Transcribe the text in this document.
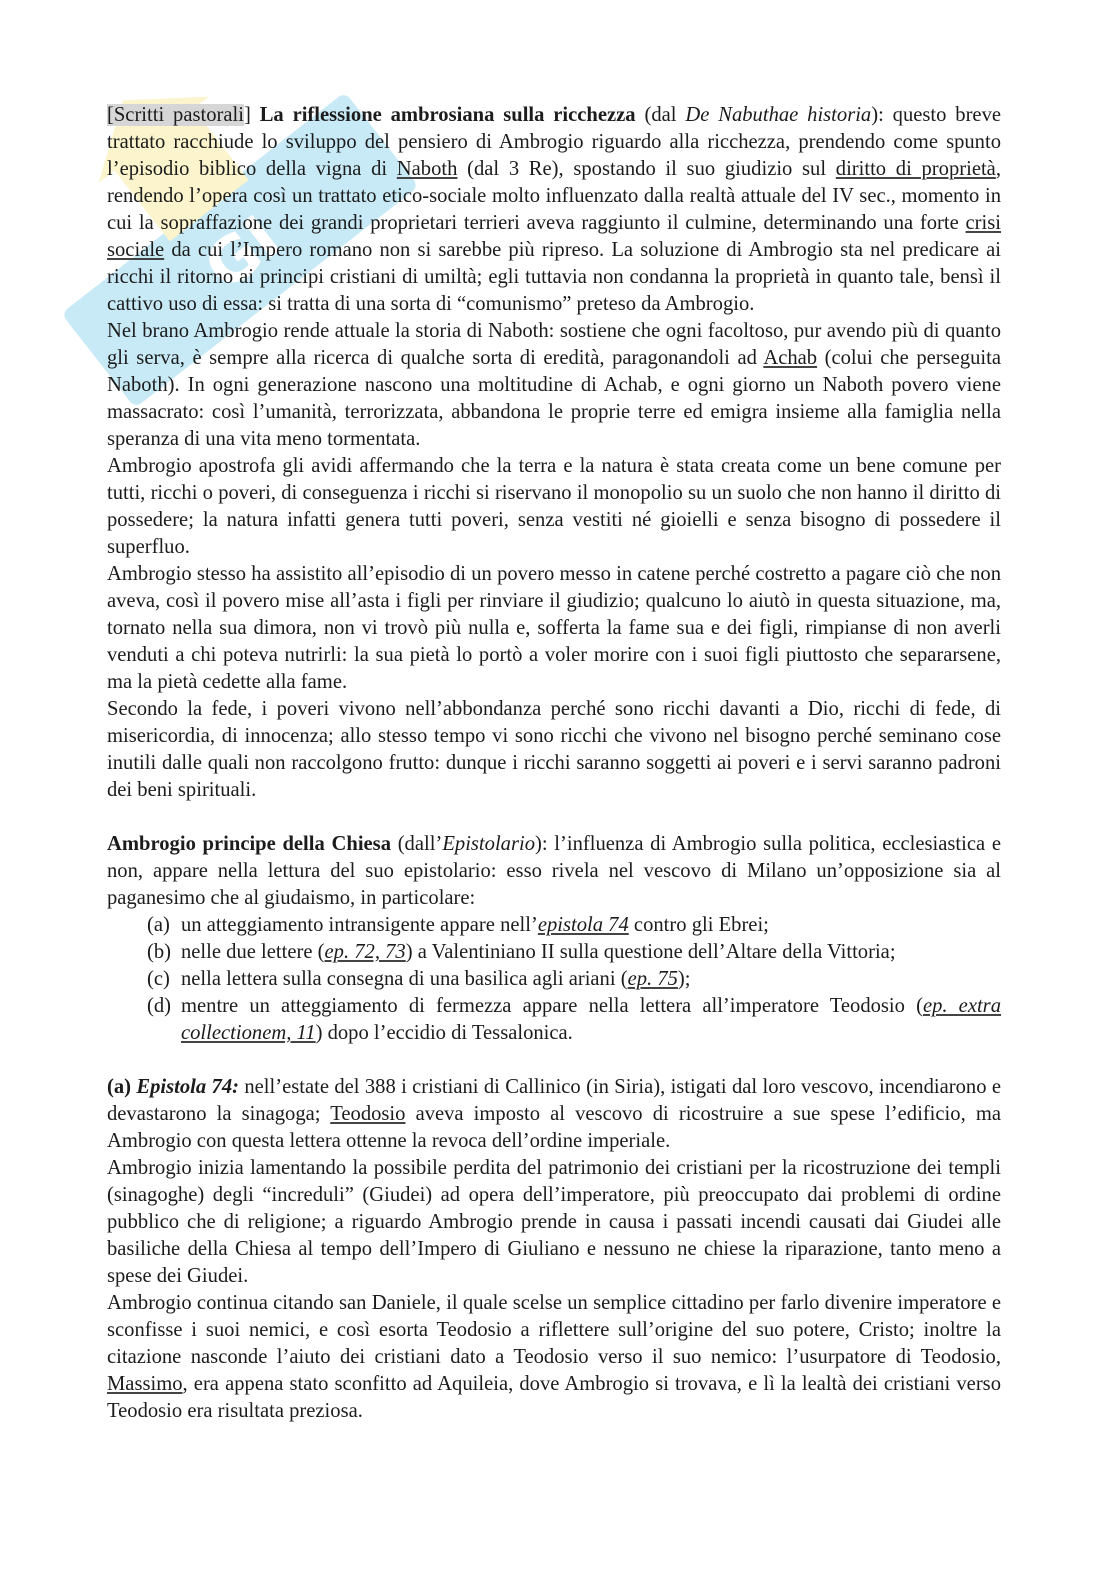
GI

[Scritti pastorali] La riflessione ambrosiana sulla ricchezza (dal De Nabuthae historia): questo breve trattato racchiude lo sviluppo del pensiero di Ambrogio riguardo alla ricchezza, prendendo come spunto l’episodio biblico della vigna di Naboth (dal 3 Re), spostando il suo giudizio sul diritto di proprietà, rendendo l’opera così un trattato etico-sociale molto influenzato dalla realtà attuale del IV sec., momento in cui la sopraffazione dei grandi proprietari terrieri aveva raggiunto il culmine, determinando una forte crisi sociale da cui l’Impero romano non si sarebbe più ripreso. La soluzione di Ambrogio sta nel predicare ai ricchi il ritorno ai principi cristiani di umiltà; egli tuttavia non condanna la proprietà in quanto tale, bensì il cattivo uso di essa: si tratta di una sorta di “comunismo” preteso da Ambrogio.

Nel brano Ambrogio rende attuale la storia di Naboth: sostiene che ogni facoltoso, pur avendo più di quanto gli serva, è sempre alla ricerca di qualche sorta di eredità, paragonandoli ad Achab (colui che perseguita Naboth). In ogni generazione nascono una moltitudine di Achab, e ogni giorno un Naboth povero viene massacrato: così l’umanità, terrorizzata, abbandona le proprie terre ed emigra insieme alla famiglia nella speranza di una vita meno tormentata.

Ambrogio apostrofa gli avidi affermando che la terra e la natura è stata creata come un bene comune per tutti, ricchi o poveri, di conseguenza i ricchi si riservano il monopolio su un suolo che non hanno il diritto di possedere; la natura infatti genera tutti poveri, senza vestiti né gioielli e senza bisogno di possedere il superfluo.

Ambrogio stesso ha assistito all’episodio di un povero messo in catene perché costretto a pagare ciò che non aveva, così il povero mise all’asta i figli per rinviare il giudizio; qualcuno lo aiutò in questa situazione, ma, tornato nella sua dimora, non vi trovò più nulla e, sofferta la fame sua e dei figli, rimpianse di non averli venduti a chi poteva nutrirli: la sua pietà lo portò a voler morire con i suoi figli piuttosto che separarsene, ma la pietà cedette alla fame.

Secondo la fede, i poveri vivono nell’abbondanza perché sono ricchi davanti a Dio, ricchi di fede, di misericordia, di innocenza; allo stesso tempo vi sono ricchi che vivono nel bisogno perché seminano cose inutili dalle quali non raccolgono frutto: dunque i ricchi saranno soggetti ai poveri e i servi saranno padroni dei beni spirituali.

Ambrogio principe della Chiesa (dall’Epistolario): l’influenza di Ambrogio sulla politica, ecclesiastica e non, appare nella lettura del suo epistolario: esso rivela nel vescovo di Milano un’opposizione sia al paganesimo che al giudaismo, in particolare:

(a) un atteggiamento intransigente appare nell’epistola 74 contro gli Ebrei;
(b) nelle due lettere (ep. 72, 73) a Valentiniano II sulla questione dell’Altare della Vittoria;
(c) nella lettera sulla consegna di una basilica agli ariani (ep. 75);
(d) mentre un atteggiamento di fermezza appare nella lettera all’imperatore Teodosio (ep. extra collectionem, 11) dopo l’eccidio di Tessalonica.

(a) Epistola 74: nell’estate del 388 i cristiani di Callinico (in Siria), istigati dal loro vescovo, incendiarono e devastarono la sinagoga; Teodosio aveva imposto al vescovo di ricostruire a sue spese l’edificio, ma Ambrogio con questa lettera ottenne la revoca dell’ordine imperiale.

Ambrogio inizia lamentando la possibile perdita del patrimonio dei cristiani per la ricostruzione dei templi (sinagoghe) degli “increduli” (Giudei) ad opera dell’imperatore, più preoccupato dai problemi di ordine pubblico che di religione; a riguardo Ambrogio prende in causa i passati incendi causati dai Giudei alle basiliche della Chiesa al tempo dell’Impero di Giuliano e nessuno ne chiese la riparazione, tanto meno a spese dei Giudei.

Ambrogio continua citando san Daniele, il quale scelse un semplice cittadino per farlo divenire imperatore e sconfisse i suoi nemici, e così esorta Teodosio a riflettere sull’origine del suo potere, Cristo; inoltre la citazione nasconde l’aiuto dei cristiani dato a Teodosio verso il suo nemico: l’usurpatore di Teodosio, Massimo, era appena stato sconfitto ad Aquileia, dove Ambrogio si trovava, e lì la lealtà dei cristiani verso Teodosio era risultata preziosa.
